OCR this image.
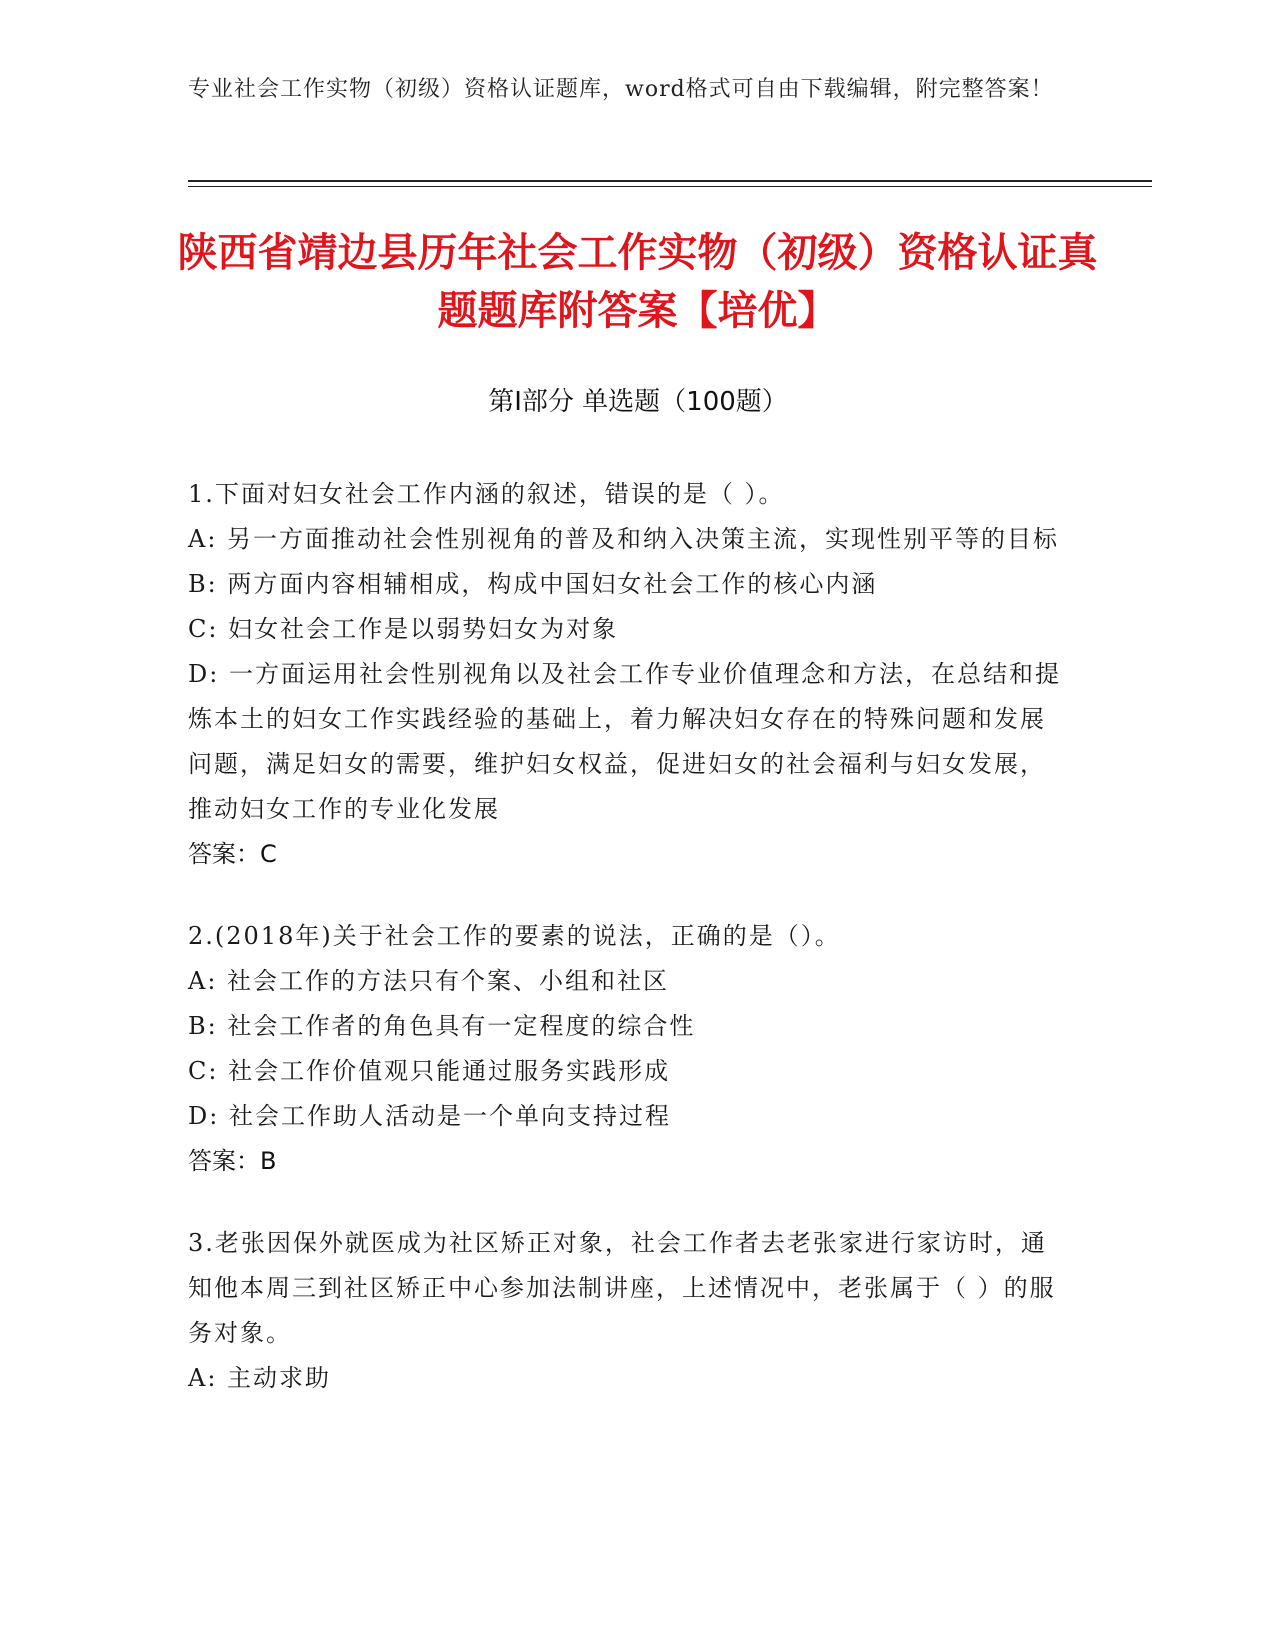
专业社会工作实物（初级）资格认证题库，word格式可自由下载编辑，附完整答案！
陕西省靖边县历年社会工作实物（初级）资格认证真题题库附答案【培优】
第Ⅰ部分 单选题（100题）
1.下面对妇女社会工作内涵的叙述，错误的是（ ）。
A: 另一方面推动社会性别视角的普及和纳入决策主流，实现性别平等的目标
B: 两方面内容相辅相成，构成中国妇女社会工作的核心内涵
C: 妇女社会工作是以弱势妇女为对象
D: 一方面运用社会性别视角以及社会工作专业价值理念和方法，在总结和提炼本土的妇女工作实践经验的基础上，着力解决妇女存在的特殊问题和发展问题，满足妇女的需要，维护妇女权益，促进妇女的社会福利与妇女发展，推动妇女工作的专业化发展
答案：C
2.(2018年)关于社会工作的要素的说法，正确的是（）。
A: 社会工作的方法只有个案、小组和社区
B: 社会工作者的角色具有一定程度的综合性
C: 社会工作价值观只能通过服务实践形成
D: 社会工作助人活动是一个单向支持过程
答案：B
3.老张因保外就医成为社区矫正对象，社会工作者去老张家进行家访时，通知他本周三到社区矫正中心参加法制讲座，上述情况中，老张属于（ ）的服务对象。
A: 主动求助
